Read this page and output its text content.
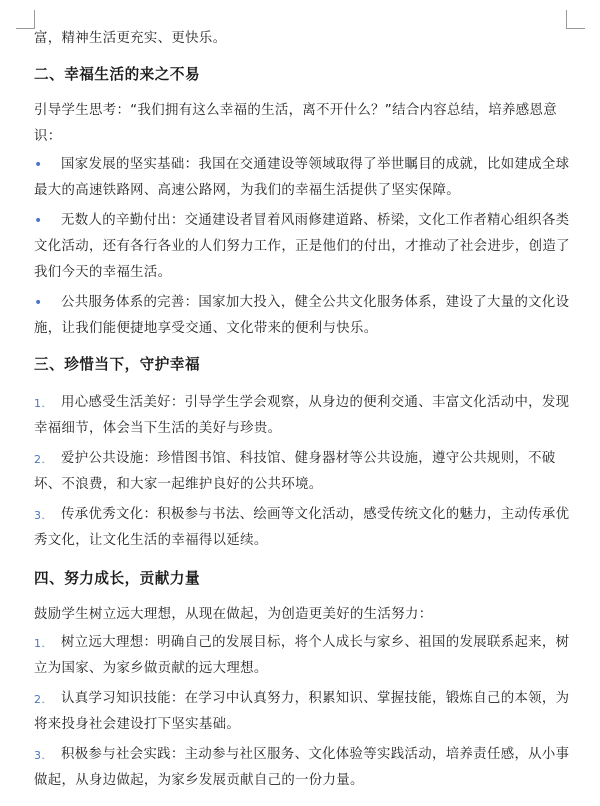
富，精神生活更充实、更快乐。

二、幸福生活的来之不易

引导学生思考：“我们拥有这么幸福的生活，离不开什么？”结合内容总结，培养感恩意识：

• 国家发展的坚实基础：我国在交通建设等领域取得了举世瞩目的成就，比如建成全球最大的高速铁路网、高速公路网，为我们的幸福生活提供了坚实保障。
• 无数人的辛勤付出：交通建设者冒着风雨修建道路、桥梁，文化工作者精心组织各类文化活动，还有各行各业的人们努力工作，正是他们的付出，才推动了社会进步，创造了我们今天的幸福生活。
• 公共服务体系的完善：国家加大投入，健全公共文化服务体系，建设了大量的文化设施，让我们能便捷地享受交通、文化带来的便利与快乐。
三、珍惜当下，守护幸福
1. 用心感受生活美好：引导学生学会观察，从身边的便利交通、丰富文化活动中，发现幸福细节，体会当下生活的美好与珍贵。
2. 爱护公共设施：珍惜图书馆、科技馆、健身器材等公共设施，遵守公共规则，不破坏、不浪费，和大家一起维护良好的公共环境。
3. 传承优秀文化：积极参与书法、绘画等文化活动，感受传统文化的魅力，主动传承优秀文化，让文化生活的幸福得以延续。
四、努力成长，贡献力量

鼓励学生树立远大理想，从现在做起，为创造更美好的生活努力：

1. 树立远大理想：明确自己的发展目标，将个人成长与家乡、祖国的发展联系起来，树立为国家、为家乡做贡献的远大理想。
2. 认真学习知识技能：在学习中认真努力，积累知识、掌握技能，锻炼自己的本领，为将来投身社会建设打下坚实基础。
3. 积极参与社会实践：主动参与社区服务、文化体验等实践活动，培养责任感，从小事做起，从身边做起，为家乡发展贡献自己的一份力量。
